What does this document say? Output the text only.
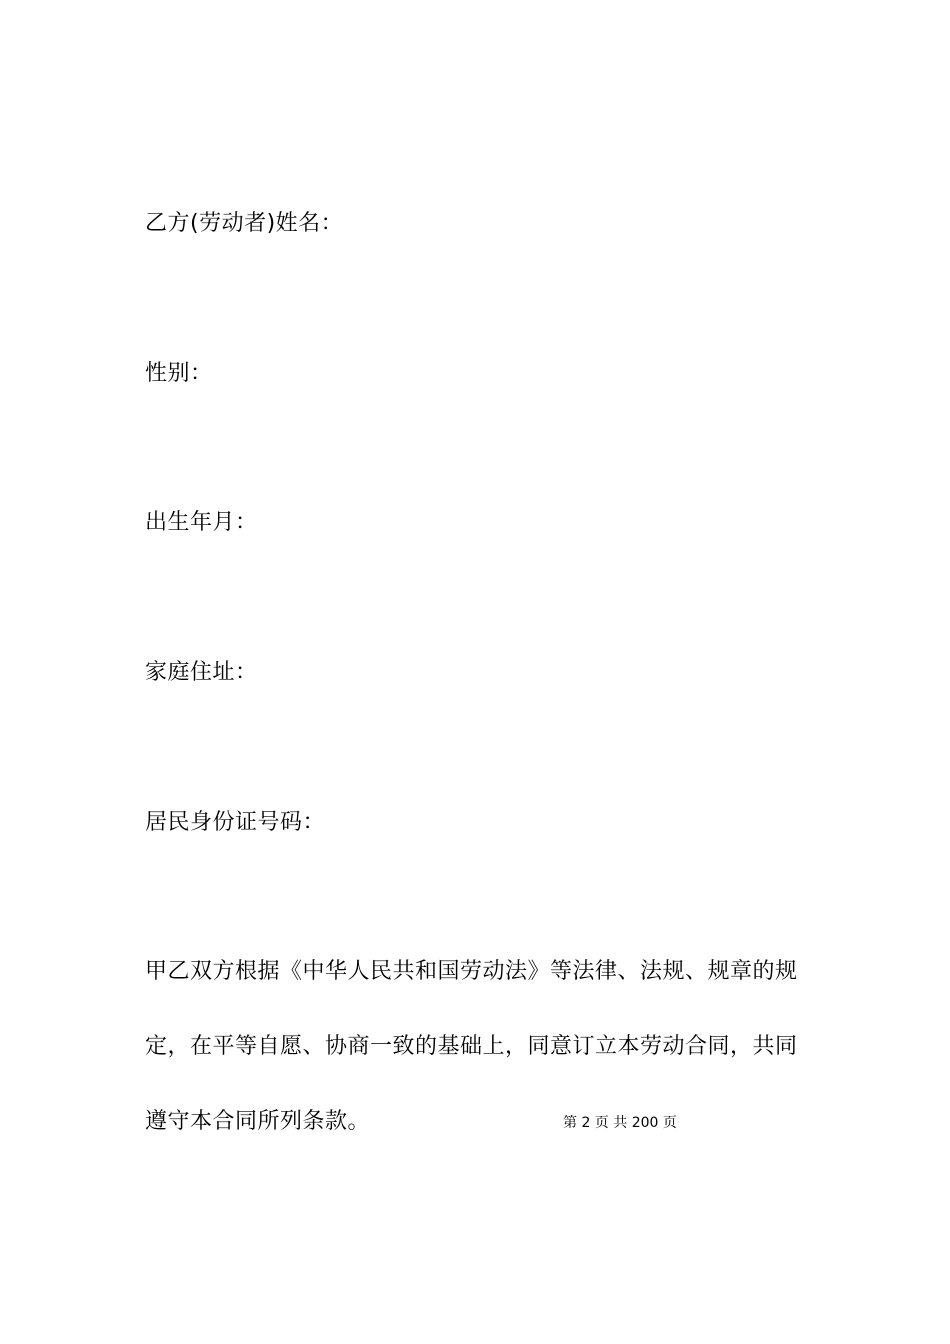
乙方(劳动者)姓名：
性别：
出生年月：
家庭住址：
居民身份证号码：
甲乙双方根据《中华人民共和国劳动法》等法律、法规、规章的规
定，在平等自愿、协商一致的基础上，同意订立本劳动合同，共同
遵守本合同所列条款。	第 2 页 共 200 页
